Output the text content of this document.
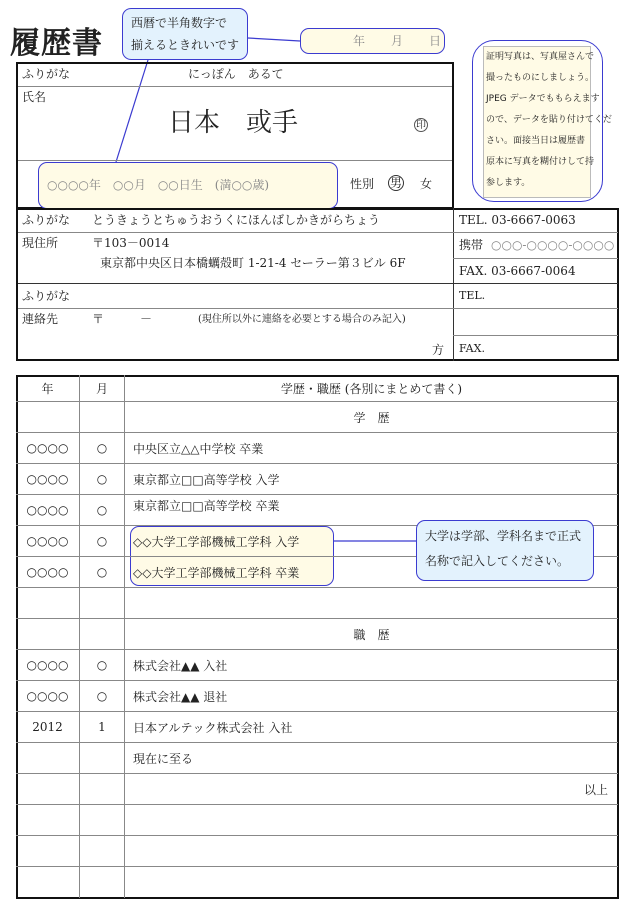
履歴書	年 月 日
西暦で半角数字で
揃えるときれいです
証明写真は、写真屋さんで
撮ったものにしましょう。
JPEG データでももらえます
ので、データを貼り付けてくだ
さい。面接当日は履歴書
原本に写真を糊付けして持
参します。
ふりがな	にっぽん　あるて
氏名
日本　或手	印
○○○○年　○○月　○○日生　(満○○歳)	性別 男 女
ふりがな とうきょうとちゅうおうくにほんばしかきがらちょう
現住所	〒103－0014
東京都中央区日本橋蠣殻町 1-21-4 セーラー第３ビル 6F
TEL. 03-6667-0063
携帯 ○○○-○○○○-○○○○
FAX. 03-6667-0064
ふりがな
連絡先	〒　　　－	(現住所以外に連絡を必要とする場合のみ記入)
方
TEL.
FAX.
年	月	学歴・職歴 (各別にまとめて書く)
学　歴
○○○○	○	中央区立△△中学校 卒業
○○○○	○	東京都立□□高等学校 入学
○○○○	○	東京都立□□高等学校 卒業
○○○○	○	◇◇大学工学部機械工学科 入学
○○○○	○	◇◇大学工学部機械工学科 卒業
職　歴
○○○○	○	株式会社▲▲ 入社
○○○○	○	株式会社▲▲ 退社
2012	1	日本アルテック株式会社 入社
現在に至る
以上
大学は学部、学科名まで正式
名称で記入してください。
